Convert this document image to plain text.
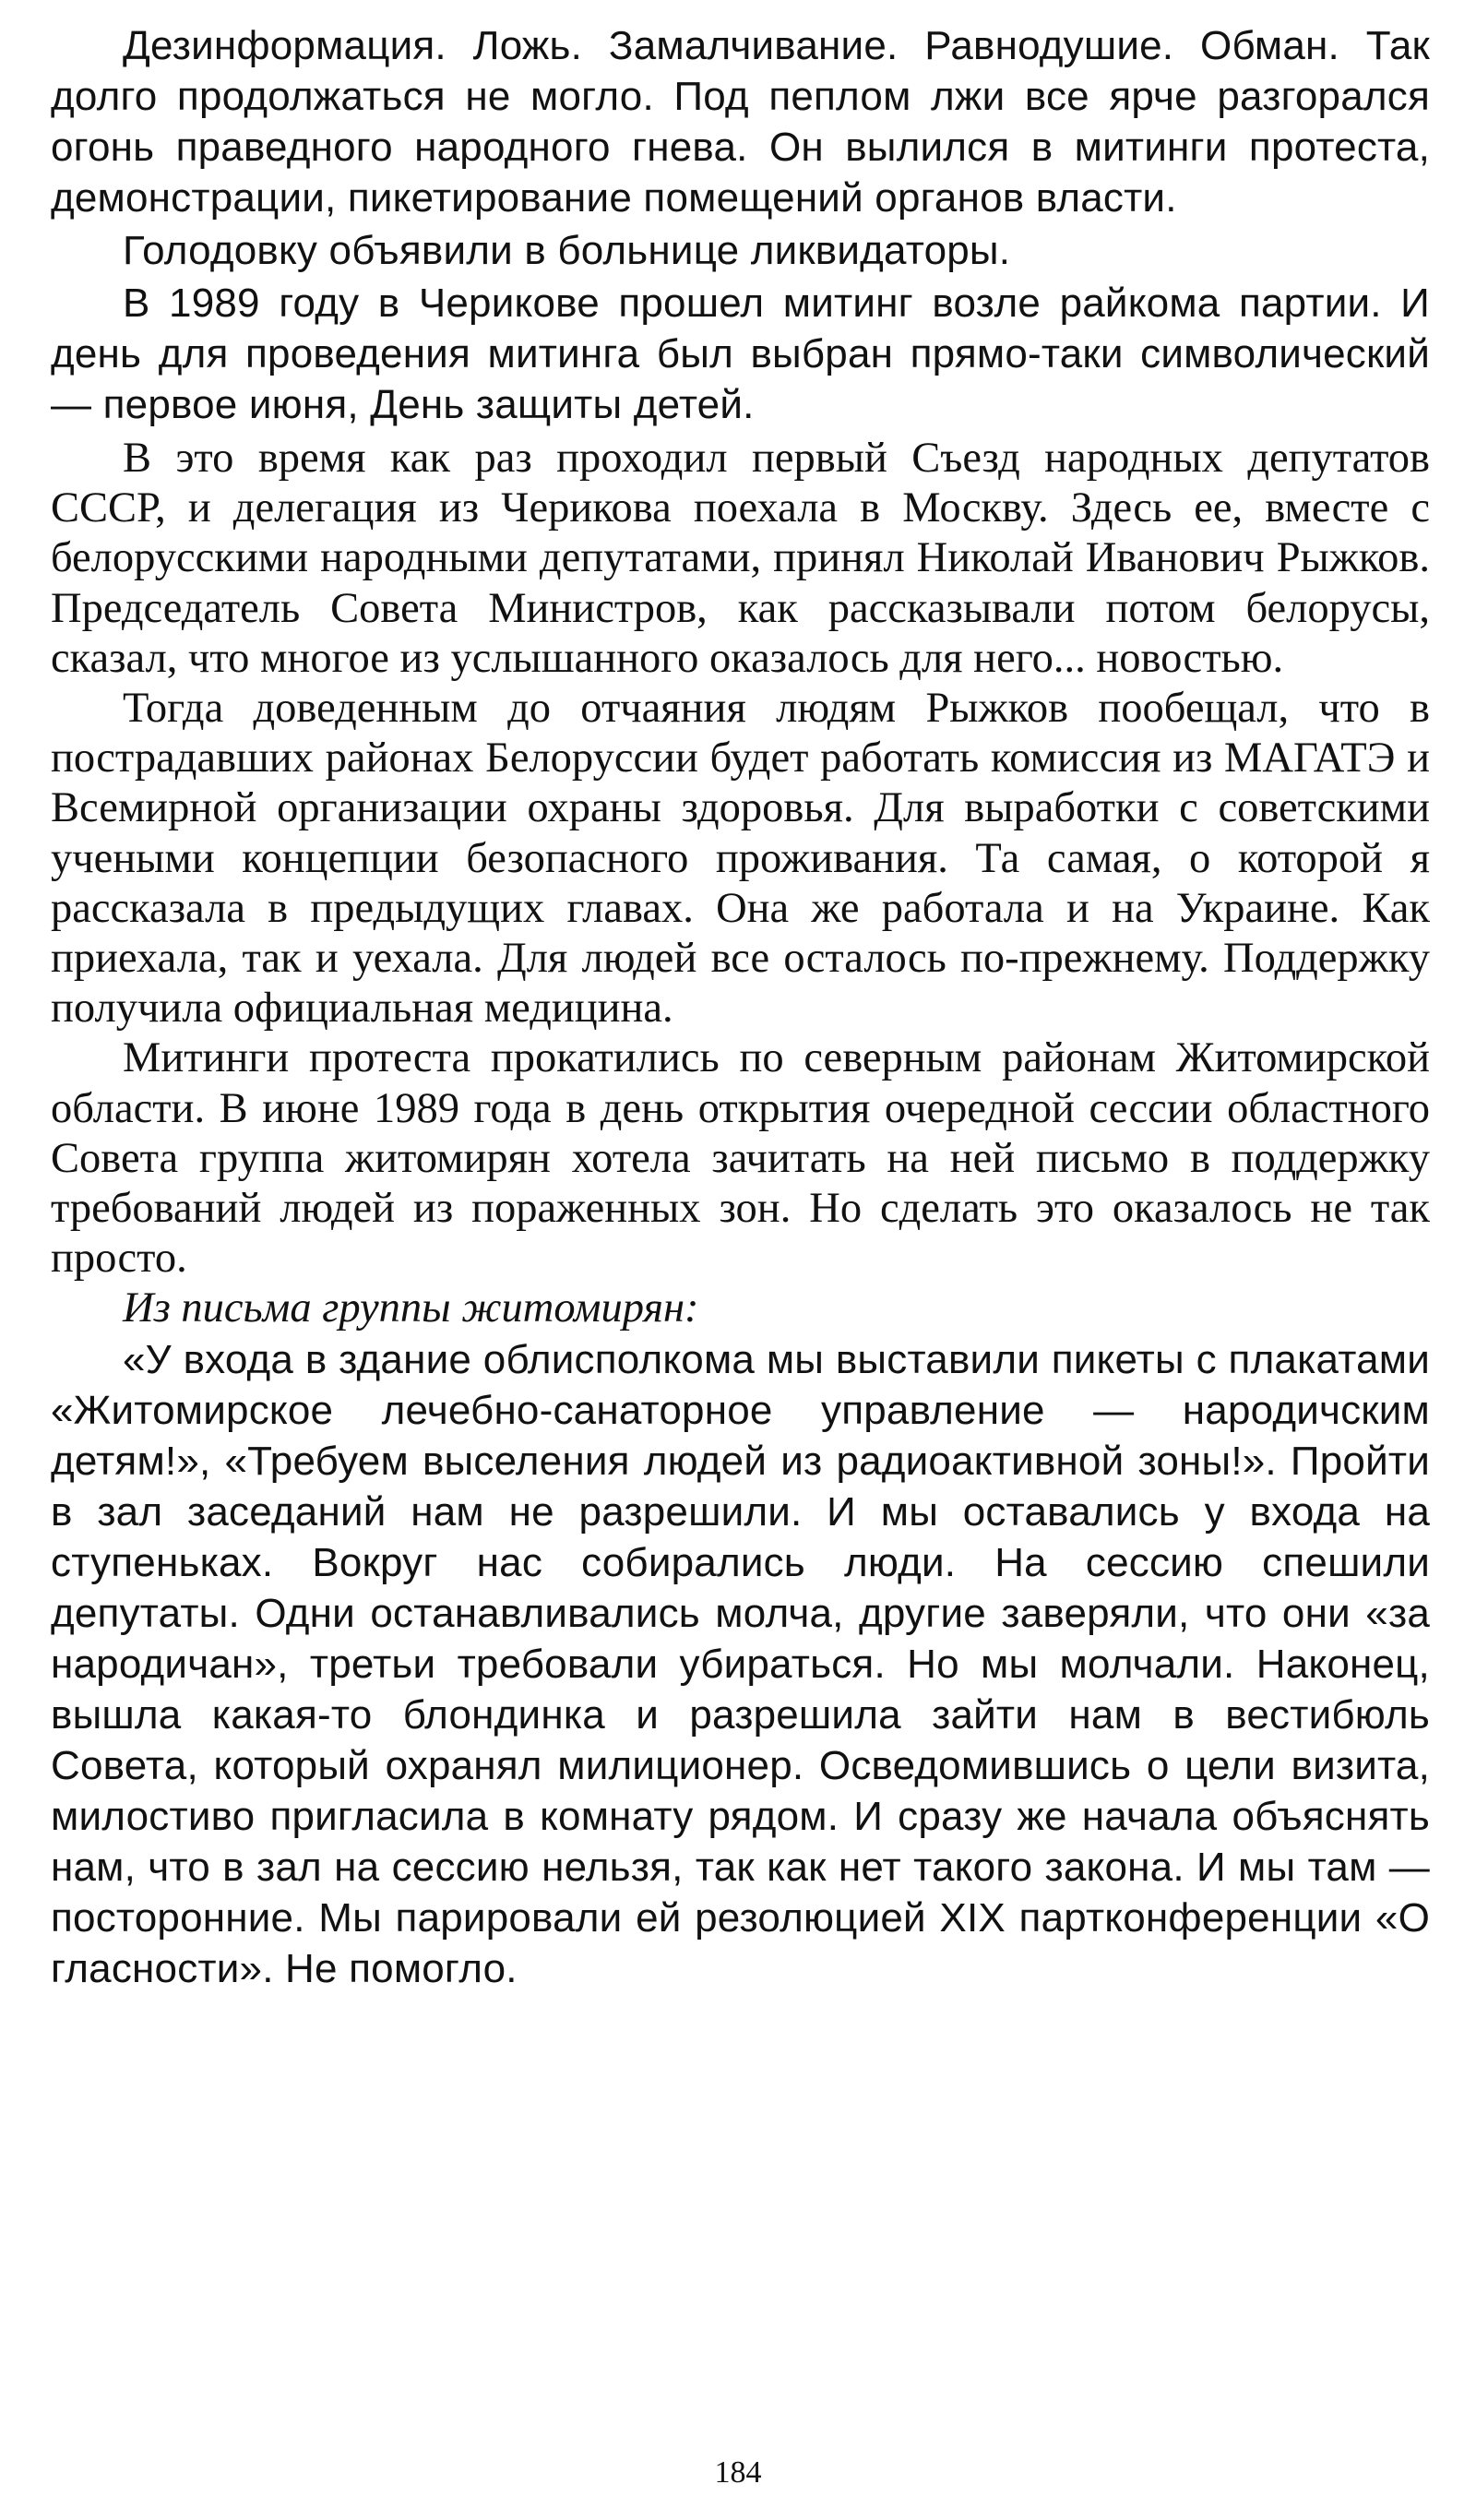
Дезинформация. Ложь. Замалчивание. Равнодушие. Обман. Так долго продолжаться не могло. Под пеплом лжи все ярче разгорался огонь праведного народного гнева. Он вылился в митинги протеста, демонстрации, пикетирование помещений органов власти.

Голодовку объявили в больнице ликвидаторы.

В 1989 году в Черикове прошел митинг возле райкома партии. И день для проведения митинга был выбран прямо-таки символический — первое июня, День защиты детей.

В это время как раз проходил первый Съезд народных депутатов СССР, и делегация из Черикова поехала в Москву. Здесь ее, вместе с белорусскими народными депутатами, принял Николай Иванович Рыжков. Председатель Совета Министров, как рассказывали потом белорусы, сказал, что многое из услышанного оказалось для него... новостью.

Тогда доведенным до отчаяния людям Рыжков пообещал, что в пострадавших районах Белоруссии будет работать комиссия из МАГАТЭ и Всемирной организации охраны здоровья. Для выработки с советскими учеными концепции безопасного проживания. Та самая, о которой я рассказала в предыдущих главах. Она же работала и на Украине. Как приехала, так и уехала. Для людей все осталось по-прежнему. Поддержку получила официальная медицина.

Митинги протеста прокатились по северным районам Житомирской области. В июне 1989 года в день открытия очередной сессии областного Совета группа житомирян хотела зачитать на ней письмо в поддержку требований людей из пораженных зон. Но сделать это оказалось не так просто.

Из письма группы житомирян:

«У входа в здание облисполкома мы выставили пикеты с плакатами «Житомирское лечебно-санаторное управление — народичским детям!», «Требуем выселения людей из радиоактивной зоны!». Пройти в зал заседаний нам не разрешили. И мы оставались у входа на ступеньках. Вокруг нас собирались люди. На сессию спешили депутаты. Одни останавливались молча, другие заверяли, что они «за народичан», третьи требовали убираться. Но мы молчали. Наконец, вышла какая-то блондинка и разрешила зайти нам в вестибюль Совета, который охранял милиционер. Осведомившись о цели визита, милостиво пригласила в комнату рядом. И сразу же начала объяснять нам, что в зал на сессию нельзя, так как нет такого закона. И мы там — посторонние. Мы парировали ей резолюцией XIX партконференции «О гласности». Не помогло.

184
